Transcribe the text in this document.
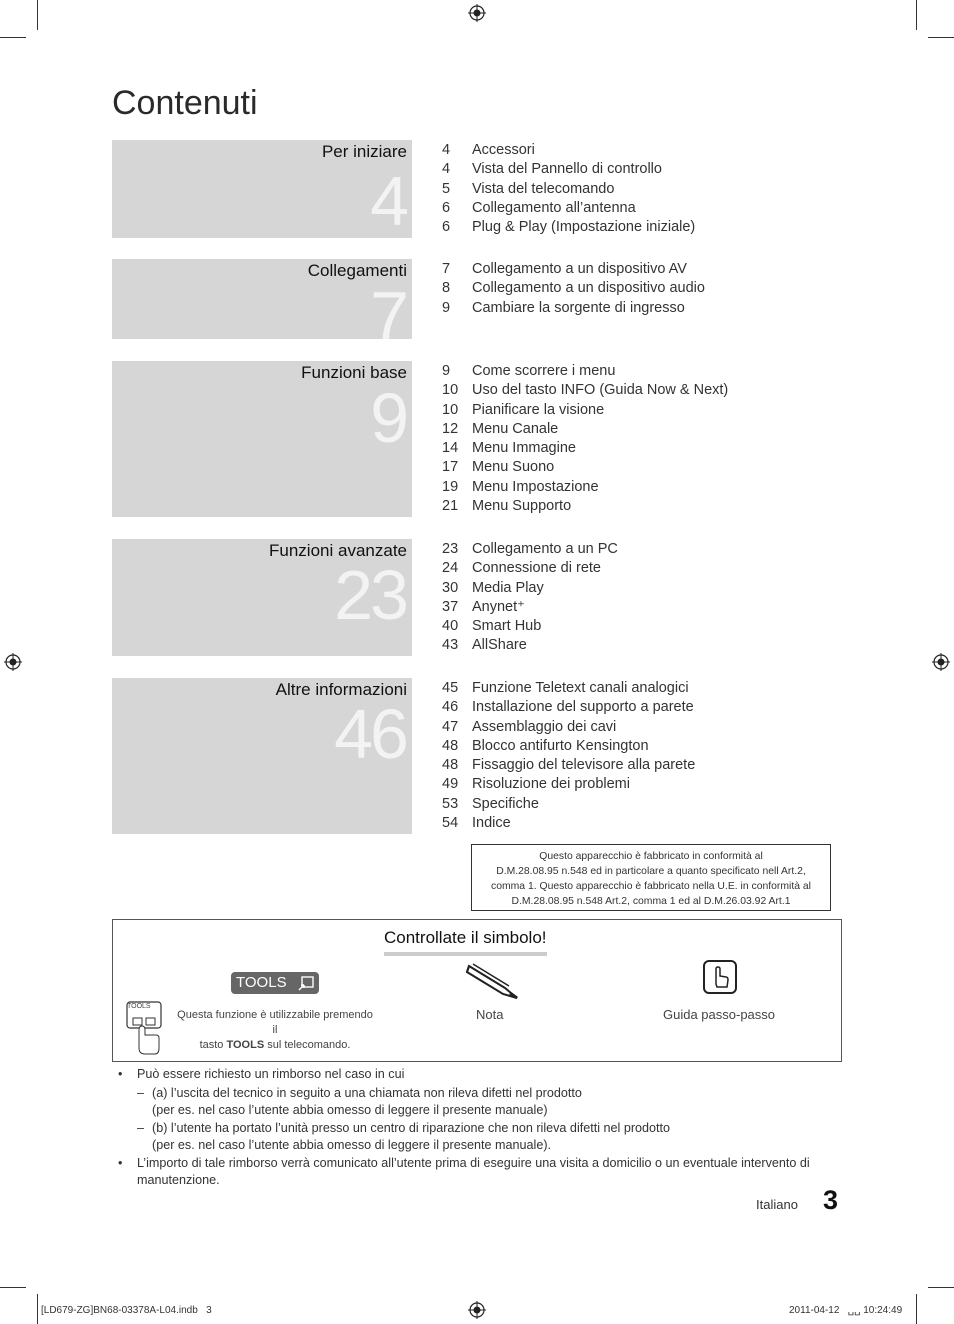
Contenuti
Per iniziare
4
4 Accessori
4 Vista del Pannello di controllo
5 Vista del telecomando
6 Collegamento all’antenna
6 Plug & Play (Impostazione iniziale)
Collegamenti
7
7 Collegamento a un dispositivo AV
8 Collegamento a un dispositivo audio
9 Cambiare la sorgente di ingresso
Funzioni base
9
9 Come scorrere i menu
10 Uso del tasto INFO (Guida Now & Next)
10 Pianificare la visione
12 Menu Canale
14 Menu Immagine
17 Menu Suono
19 Menu Impostazione
21 Menu Supporto
Funzioni avanzate
23
23 Collegamento a un PC
24 Connessione di rete
30 Media Play
37 Anynet⁺
40 Smart Hub
43 AllShare
Altre informazioni
46
45 Funzione Teletext canali analogici
46 Installazione del supporto a parete
47 Assemblaggio dei cavi
48 Blocco antifurto Kensington
48 Fissaggio del televisore alla parete
49 Risoluzione dei problemi
53 Specifiche
54 Indice
Questo apparecchio è fabbricato in conformità al
D.M.28.08.95 n.548 ed in particolare a quanto specificato nell Art.2,
comma 1. Questo apparecchio è fabbricato nella U.E. in conformità al
D.M.28.08.95 n.548 Art.2, comma 1 ed al D.M.26.03.92 Art.1
Controllate il simbolo!
TOOLS
TOOLS
Questa funzione è utilizzabile premendo il
tasto TOOLS sul telecomando.
Nota	Guida passo-passo
• Può essere richiesto un rimborso nel caso in cui
– (a) l’uscita del tecnico in seguito a una chiamata non rileva difetti nel prodotto
(per es. nel caso l’utente abbia omesso di leggere il presente manuale)
– (b) l’utente ha portato l’unità presso un centro di riparazione che non rileva difetti nel prodotto
(per es. nel caso l’utente abbia omesso di leggere il presente manuale).
• L’importo di tale rimborso verrà comunicato all’utente prima di eseguire una visita a domicilio o un eventuale intervento di manutenzione.
Italiano 3
[LD679-ZG]BN68-03378A-L04.indb   3	2011-04-12   ␣␣ 10:24:49
